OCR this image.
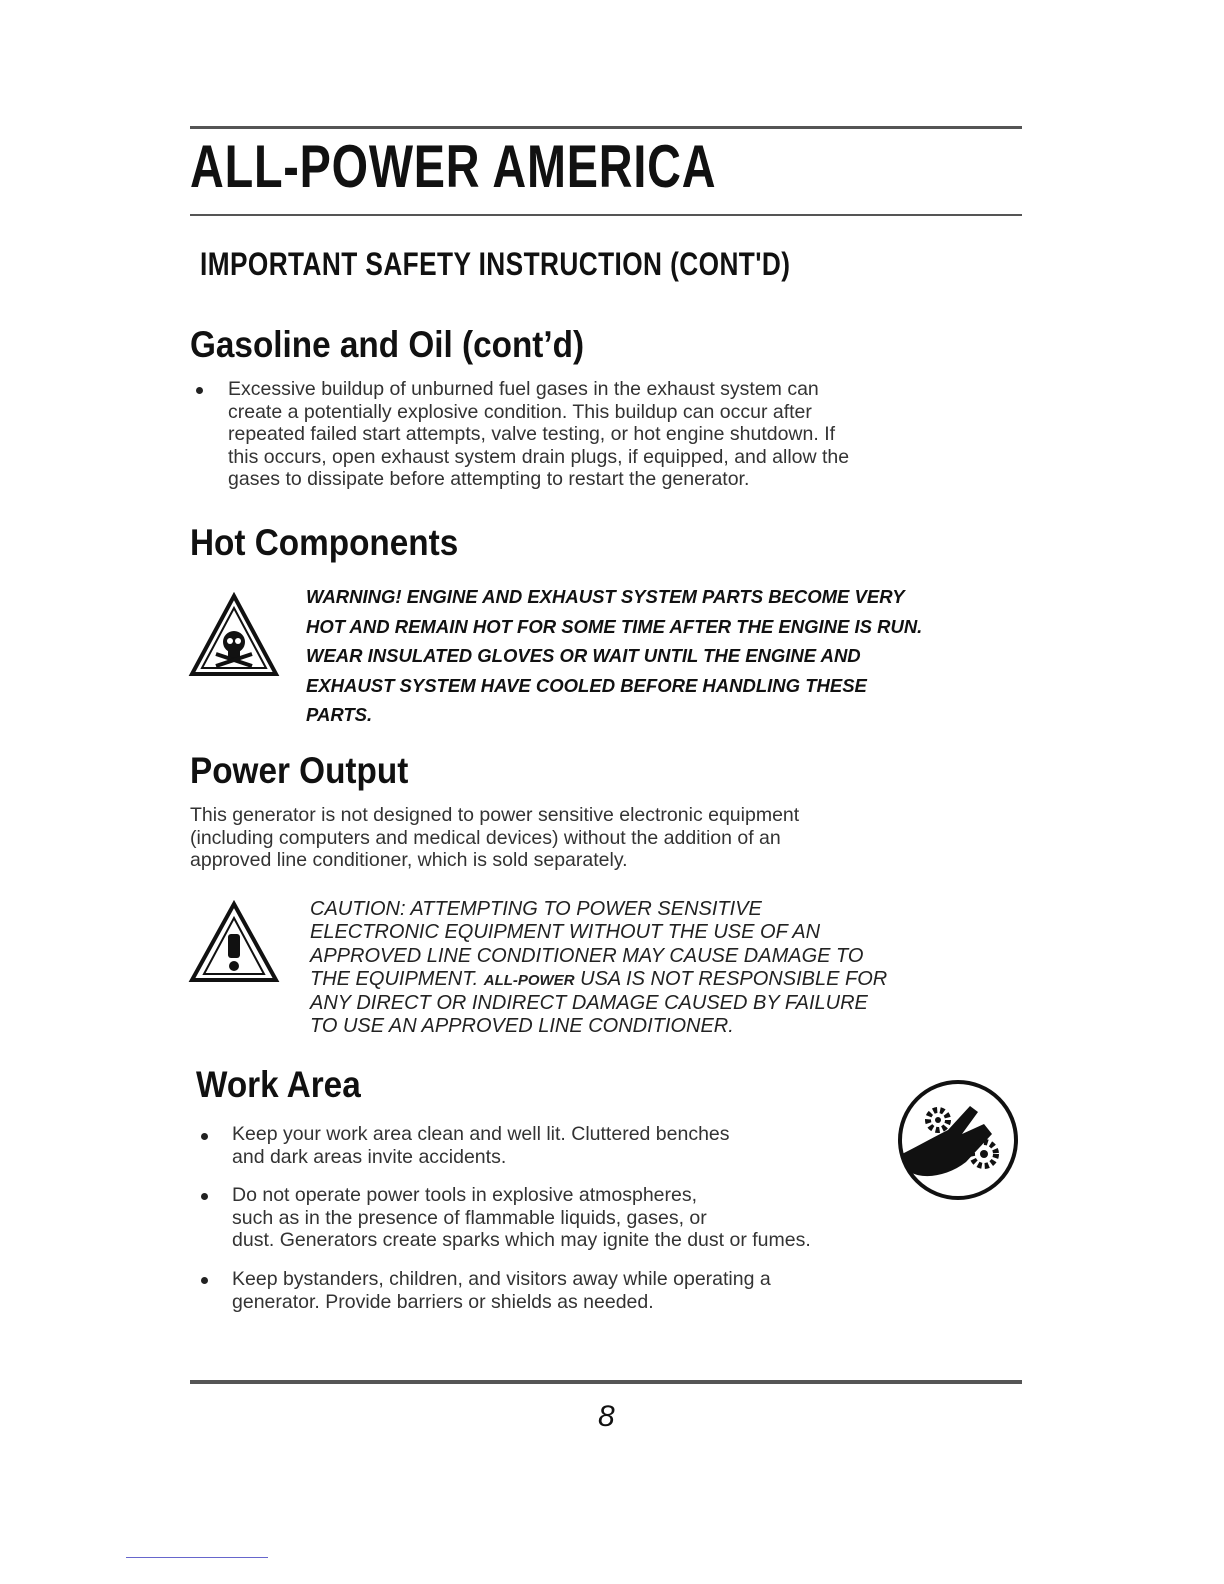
ALL-POWER AMERICA
IMPORTANT SAFETY INSTRUCTION (CONT'D)
Gasoline and Oil (cont’d)
Excessive buildup of unburned fuel gases in the exhaust system can
create a potentially explosive condition. This buildup can occur after
repeated failed start attempts, valve testing, or hot engine shutdown. If
this occurs, open exhaust system drain plugs, if equipped, and allow the
gases to dissipate before attempting to restart the generator.
Hot Components
WARNING! ENGINE AND EXHAUST SYSTEM PARTS BECOME VERY
HOT AND REMAIN HOT FOR SOME TIME AFTER THE ENGINE IS RUN.
WEAR INSULATED GLOVES OR WAIT UNTIL THE ENGINE AND
EXHAUST SYSTEM HAVE COOLED BEFORE HANDLING THESE
PARTS.
Power Output
This generator is not designed to power sensitive electronic equipment
(including computers and medical devices) without the addition of an
approved line conditioner, which is sold separately.
CAUTION: ATTEMPTING TO POWER SENSITIVE
ELECTRONIC EQUIPMENT WITHOUT THE USE OF AN
APPROVED LINE CONDITIONER MAY CAUSE DAMAGE TO
THE EQUIPMENT. ALL-POWER USA IS NOT RESPONSIBLE FOR
ANY DIRECT OR INDIRECT DAMAGE CAUSED BY FAILURE
TO USE AN APPROVED LINE CONDITIONER.
Work Area
Keep your work area clean and well lit. Cluttered benches
and dark areas invite accidents.
Do not operate power tools in explosive atmospheres,
such as in the presence of flammable liquids, gases, or
dust. Generators create sparks which may ignite the dust or fumes.
Keep bystanders, children, and visitors away while operating a
generator. Provide barriers or shields as needed.
8
